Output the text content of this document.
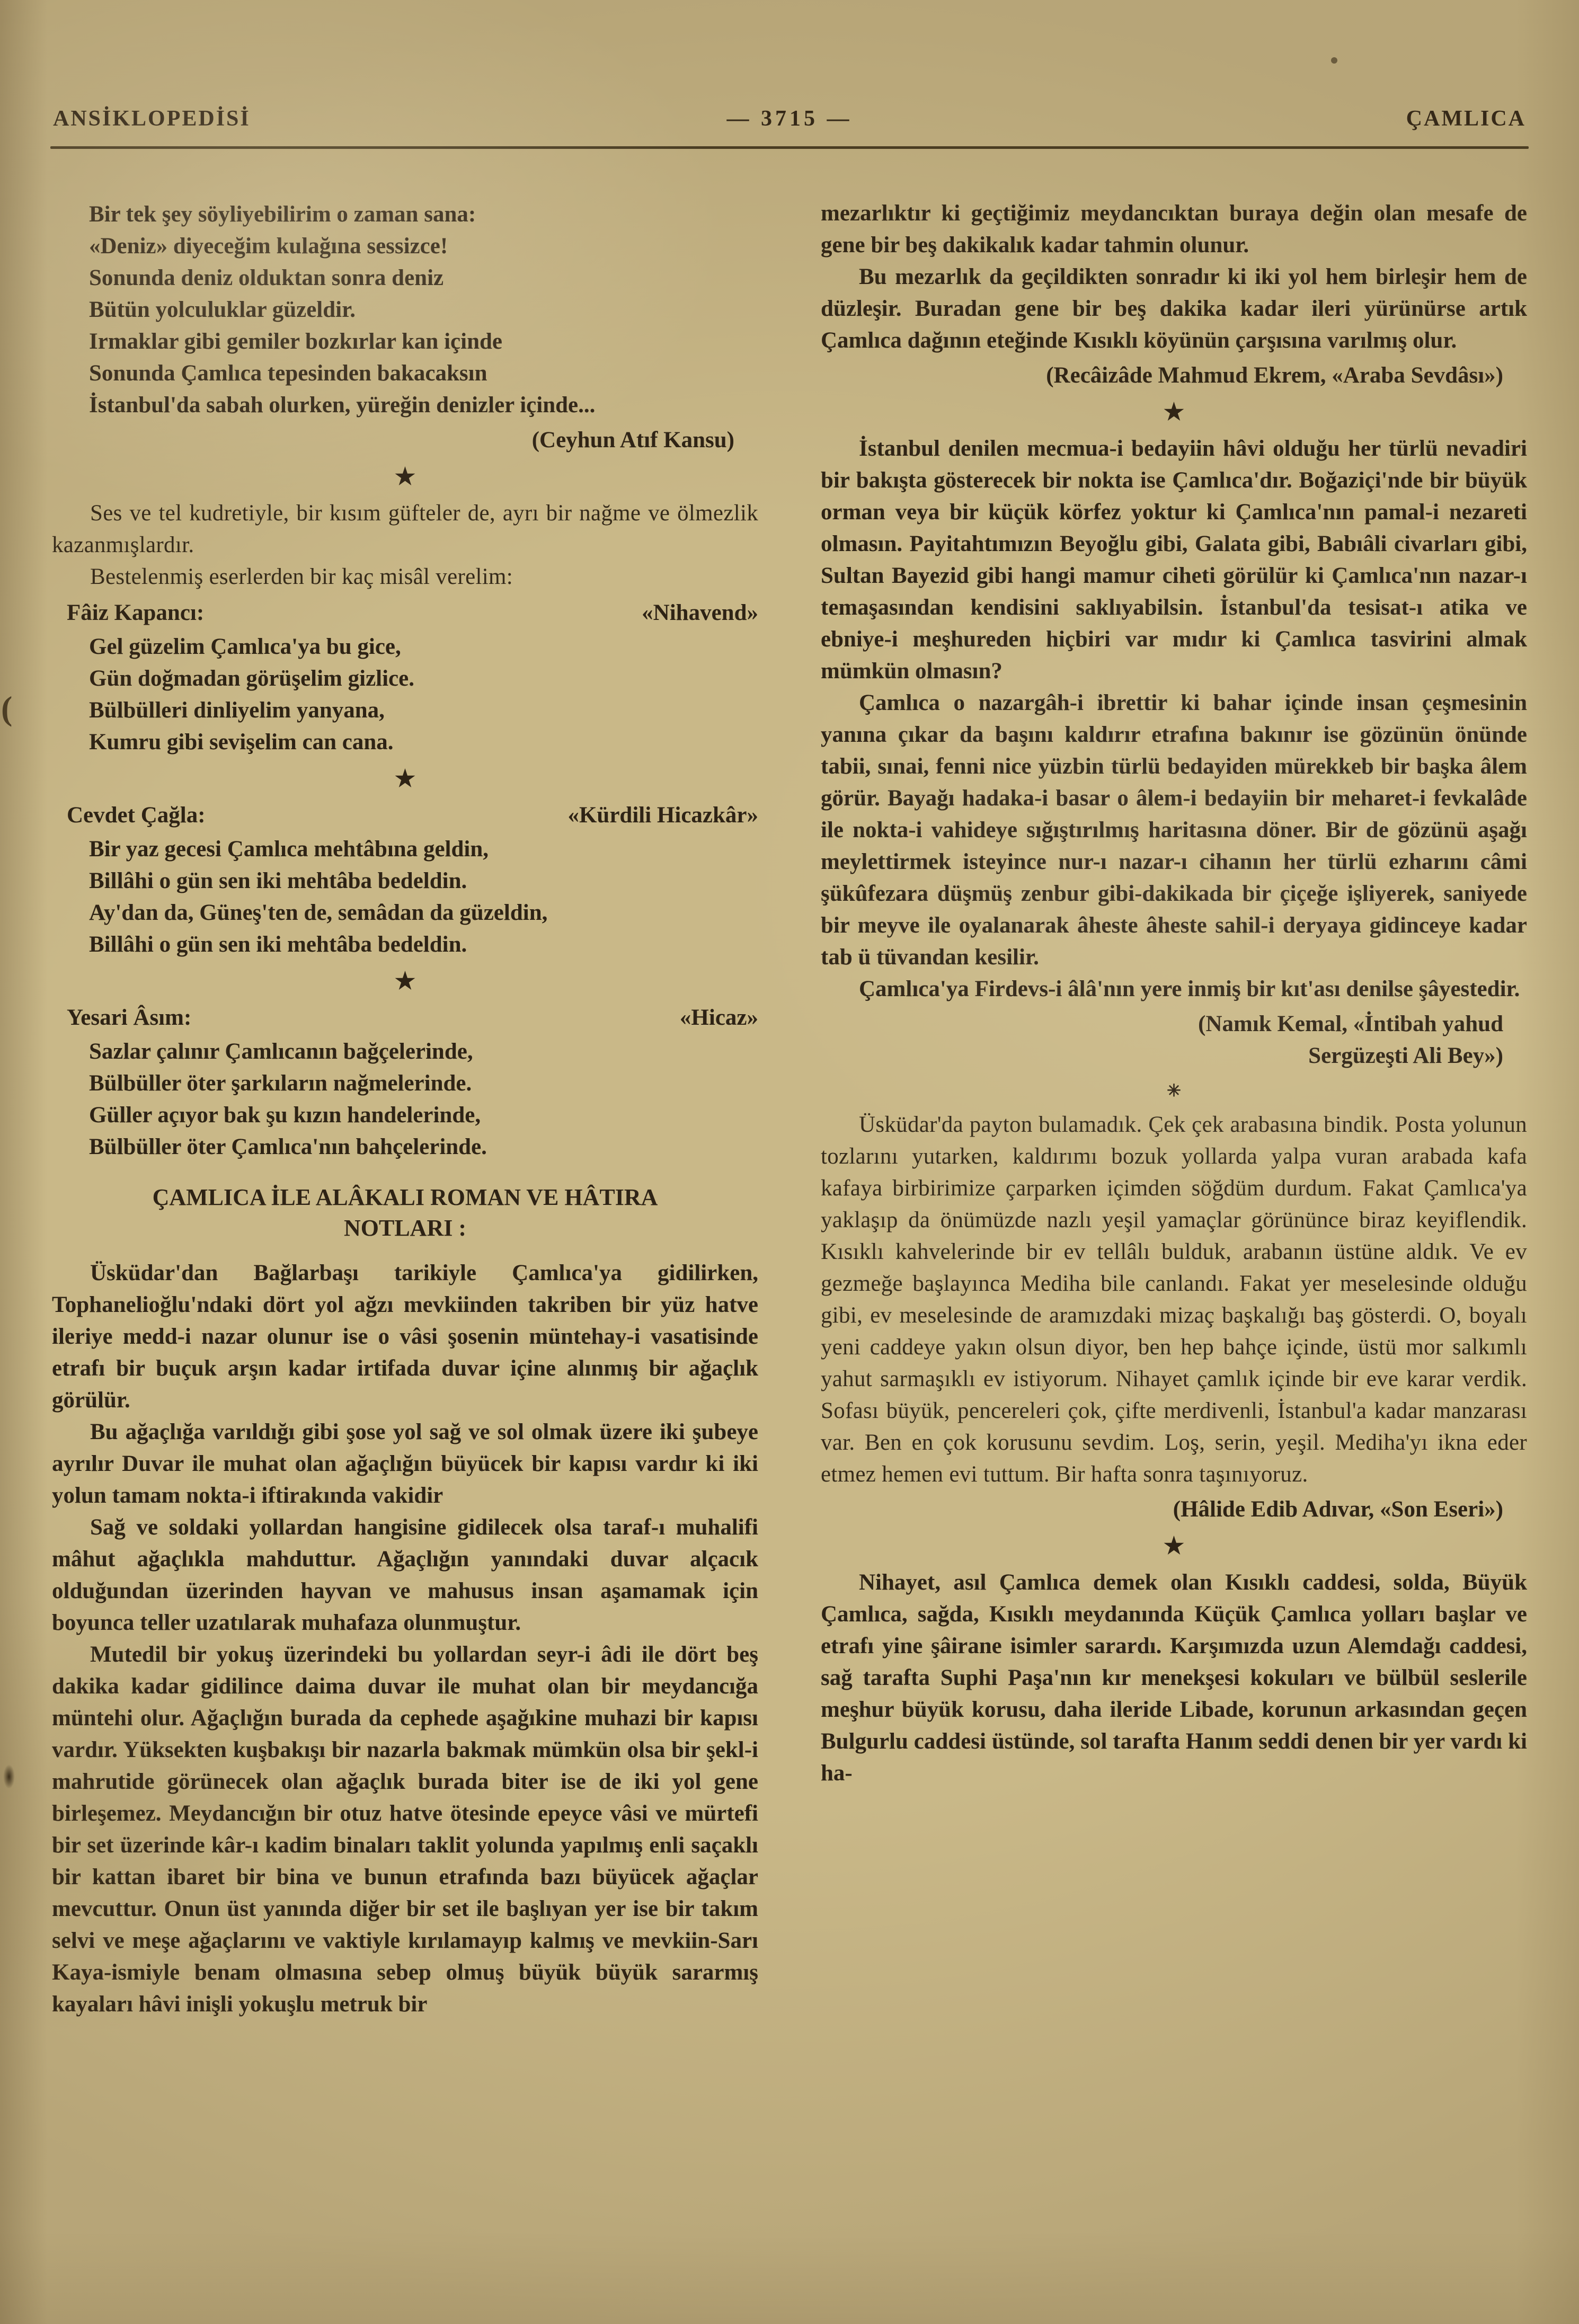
ANSİKLOPEDİSİ	— 3715 —	ÇAMLICA
Bir tek şey söyliyebilirim o zaman sana:
«Deniz» diyeceğim kulağına sessizce!
Sonunda deniz olduktan sonra deniz
Bütün yolculuklar güzeldir.
Irmaklar gibi gemiler bozkırlar kan içinde
Sonunda Çamlıca tepesinden bakacaksın
İstanbul'da sabah olurken, yüreğin denizler içinde...
(Ceyhun Atıf Kansu)
★

Ses ve tel kudretiyle, bir kısım güfteler de, ayrı bir nağme ve ölmezlik kazanmışlardır.

Bestelenmiş eserlerden bir kaç misâl verelim:

Fâiz Kapancı:	«Nihavend»
Gel güzelim Çamlıca'ya bu gice,
Gün doğmadan görüşelim gizlice.
Bülbülleri dinliyelim yanyana,
Kumru gibi sevişelim can cana.
★
Cevdet Çağla:	«Kürdili Hicazkâr»
Bir yaz gecesi Çamlıca mehtâbına geldin,
Billâhi o gün sen iki mehtâba bedeldin.
Ay'dan da, Güneş'ten de, semâdan da güzeldin,
Billâhi o gün sen iki mehtâba bedeldin.
★
Yesari Âsım:	«Hicaz»
Sazlar çalınır Çamlıcanın bağçelerinde,
Bülbüller öter şarkıların nağmelerinde.
Güller açıyor bak şu kızın handelerinde,
Bülbüller öter Çamlıca'nın bahçelerinde.
ÇAMLICA İLE ALÂKALI ROMAN VE HÂTIRA
NOTLARI :

Üsküdar'dan Bağlarbaşı tarikiyle Çamlıca'ya gidilirken, Tophanelioğlu'ndaki dört yol ağzı mevkiinden takriben bir yüz hatve ileriye medd-i nazar olunur ise o vâsi şosenin müntehay-i vasatisinde etrafı bir buçuk arşın kadar irtifada duvar içine alınmış bir ağaçlık görülür.

Bu ağaçlığa varıldığı gibi şose yol sağ ve sol olmak üzere iki şubeye ayrılır Duvar ile muhat olan ağaçlığın büyücek bir kapısı vardır ki iki yolun tamam nokta-i iftirakında vakidir

Sağ ve soldaki yollardan hangisine gidilecek olsa taraf-ı muhalifi mâhut ağaçlıkla mahduttur. Ağaçlığın yanındaki duvar alçacık olduğundan üzerinden hayvan ve mahusus insan aşamamak için boyunca teller uzatılarak muhafaza olunmuştur.

Mutedil bir yokuş üzerindeki bu yollardan seyr-i âdi ile dört beş dakika kadar gidilince daima duvar ile muhat olan bir meydancığa müntehi olur. Ağaçlığın burada da cephede aşağıkine muhazi bir kapısı vardır. Yüksekten kuşbakışı bir nazarla bakmak mümkün olsa bir şekl-i mahrutide görünecek olan ağaçlık burada biter ise de iki yol gene birleşemez. Meydancığın bir otuz hatve ötesinde epeyce vâsi ve mürtefi bir set üzerinde kâr-ı kadim binaları taklit yolunda yapılmış enli saçaklı bir kattan ibaret bir bina ve bunun etrafında bazı büyücek ağaçlar mevcuttur. Onun üst yanında diğer bir set ile başlıyan yer ise bir takım selvi ve meşe ağaçlarını ve vaktiyle kırılamayıp kalmış ve mevkiin-Sarı Kaya-ismiyle benam olmasına sebep olmuş büyük büyük sararmış kayaları hâvi inişli yokuşlu metruk bir

mezarlıktır ki geçtiğimiz meydancıktan buraya değin olan mesafe de gene bir beş dakikalık kadar tahmin olunur.

Bu mezarlık da geçildikten sonradır ki iki yol hem birleşir hem de düzleşir. Buradan gene bir beş dakika kadar ileri yürünürse artık Çamlıca dağının eteğinde Kısıklı köyünün çarşısına varılmış olur.

(Recâizâde Mahmud Ekrem, «Araba Sevdâsı»)
★

İstanbul denilen mecmua-i bedayiin hâvi olduğu her türlü nevadiri bir bakışta gösterecek bir nokta ise Çamlıca'dır. Boğaziçi'nde bir büyük orman veya bir küçük körfez yoktur ki Çamlıca'nın pamal-i nezareti olmasın. Payitahtımızın Beyoğlu gibi, Galata gibi, Babıâli civarları gibi, Sultan Bayezid gibi hangi mamur ciheti görülür ki Çamlıca'nın nazar-ı temaşasından kendisini saklıyabilsin. İstanbul'da tesisat-ı atika ve ebniye-i meşhureden hiçbiri var mıdır ki Çamlıca tasvirini almak mümkün olmasın?

Çamlıca o nazargâh-i ibrettir ki bahar içinde insan çeşmesinin yanına çıkar da başını kaldırır etrafına bakınır ise gözünün önünde tabii, sınai, fenni nice yüzbin türlü bedayiden mürekkeb bir başka âlem görür. Bayağı hadaka-i basar o âlem-i bedayiin bir meharet-i fevkalâde ile nokta-i vahideye sığıştırılmış haritasına döner. Bir de gözünü aşağı meylettirmek isteyince nur-ı nazar-ı cihanın her türlü ezharını câmi şükûfezara düşmüş zenbur gibi-dakikada bir çiçeğe işliyerek, saniyede bir meyve ile oyalanarak âheste âheste sahil-i deryaya gidinceye kadar tab ü tüvandan kesilir.

Çamlıca'ya Firdevs-i âlâ'nın yere inmiş bir kıt'ası denilse şâyestedir.

(Namık Kemal, «İntibah yahud
Sergüzeşti Ali Bey»)
✳

Üsküdar'da payton bulamadık. Çek çek arabasına bindik. Posta yolunun tozlarını yutarken, kaldırımı bozuk yollarda yalpa vuran arabada kafa kafaya birbirimize çarparken içimden söğdüm durdum. Fakat Çamlıca'ya yaklaşıp da önümüzde nazlı yeşil yamaçlar görününce biraz keyiflendik. Kısıklı kahvelerinde bir ev tellâlı bulduk, arabanın üstüne aldık. Ve ev gezmeğe başlayınca Mediha bile canlandı. Fakat yer meselesinde olduğu gibi, ev meselesinde de aramızdaki mizaç başkalığı baş gösterdi. O, boyalı yeni caddeye yakın olsun diyor, ben hep bahçe içinde, üstü mor salkımlı yahut sarmaşıklı ev istiyorum. Nihayet çamlık içinde bir eve karar verdik. Sofası büyük, pencereleri çok, çifte merdivenli, İstanbul'a kadar manzarası var. Ben en çok korusunu sevdim. Loş, serin, yeşil. Mediha'yı ikna eder etmez hemen evi tuttum. Bir hafta sonra taşınıyoruz.

(Hâlide Edib Adıvar, «Son Eseri»)
★

Nihayet, asıl Çamlıca demek olan Kısıklı caddesi, solda, Büyük Çamlıca, sağda, Kısıklı meydanında Küçük Çamlıca yolları başlar ve etrafı yine şâirane isimler sarardı. Karşımızda uzun Alemdağı caddesi, sağ tarafta Suphi Paşa'nın kır menekşesi kokuları ve bülbül seslerile meşhur büyük korusu, daha ileride Libade, korunun arkasından geçen Bulgurlu caddesi üstünde, sol tarafta Hanım seddi denen bir yer vardı ki ha-

(
